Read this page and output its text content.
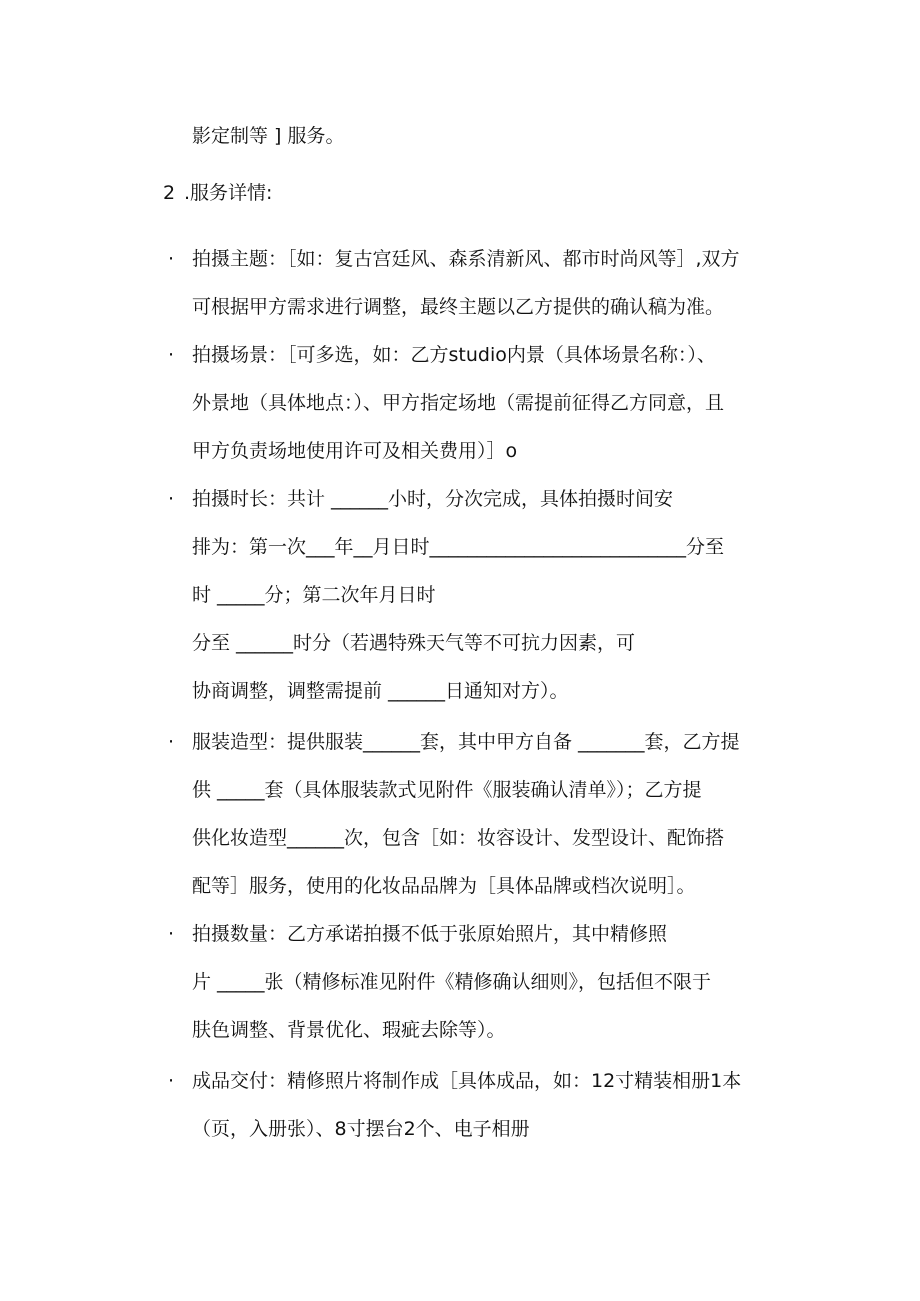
影定制等 ] 服务。
2 .服务详情:
· 拍摄主题：［如：复古宫廷风、森系清新风、都市时尚风等］,双方
可根据甲方需求进行调整，最终主题以乙方提供的确认稿为准。
· 拍摄场景：［可多选，如：乙方studio内景（具体场景名称：）、
外景地（具体地点：）、甲方指定场地（需提前征得乙方同意，且
甲方负责场地使用许可及相关费用）］o
· 拍摄时长：共计 ______小时，分次完成，具体拍摄时间安
排为：第一次___年__月日时___________________________分至
时 _____分；第二次年月日时
分至 ______时分（若遇特殊天气等不可抗力因素，可
协商调整，调整需提前 ______日通知对方）。
· 服装造型：提供服装______套，其中甲方自备 _______套，乙方提
供 _____套（具体服装款式见附件《服装确认清单》）；乙方提
供化妆造型______次，包含［如：妆容设计、发型设计、配饰搭
配等］服务，使用的化妆品品牌为［具体品牌或档次说明］。
· 拍摄数量：乙方承诺拍摄不低于张原始照片，其中精修照
片 _____张（精修标准见附件《精修确认细则》，包括但不限于
肤色调整、背景优化、瑕疵去除等）。
· 成品交付：精修照片将制作成［具体成品，如：12寸精装相册1本
（页，入册张）、8寸摆台2个、电子相册
